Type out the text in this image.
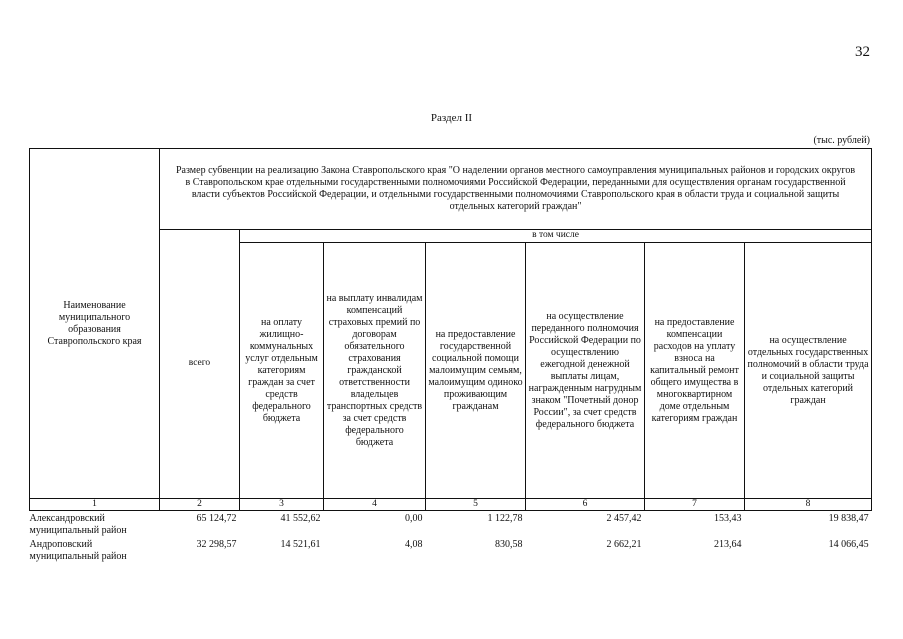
32
Раздел II
(тыс. рублей)
Наименование муниципального образования Ставропольского края	Размер субвенции на реализацию Закона Ставропольского края "О наделении органов местного самоуправления муниципальных районов и городских округов в Ставропольском крае отдельными государственными полномочиями Российской Федерации, переданными для осуществления органам государственной власти субъектов Российской Федерации, и отдельными государственными полномочиями Ставропольского края в области труда и социальной защиты отдельных категорий граждан"						
	всего	в том числе					
		на оплату жилищно-коммунальных услуг отдельным категориям граждан за счет средств федерального бюджета	на выплату инвалидам компенсаций страховых премий по договорам обязательного страхования гражданской ответственности владельцев транспортных средств за счет средств федерального бюджета	на предоставление государственной социальной помощи малоимущим семьям, малоимущим одиноко проживающим гражданам	на осуществление переданного полномочия Российской Федерации по осуществлению ежегодной денежной выплаты лицам, награжденным нагрудным знаком "Почетный донор России", за счет средств федерального бюджета	на предоставление компенсации расходов на уплату взноса на капитальный ремонт общего имущества в многоквартирном доме отдельным категориям граждан	на осуществление отдельных государственных полномочий в области труда и социальной защиты отдельных категорий граждан
1	2	3	4	5	6	7	8
Александровский муниципальный район	65 124,72	41 552,62	0,00	1 122,78	2 457,42	153,43	19 838,47
Андроповский муниципальный район	32 298,57	14 521,61	4,08	830,58	2 662,21	213,64	14 066,45
